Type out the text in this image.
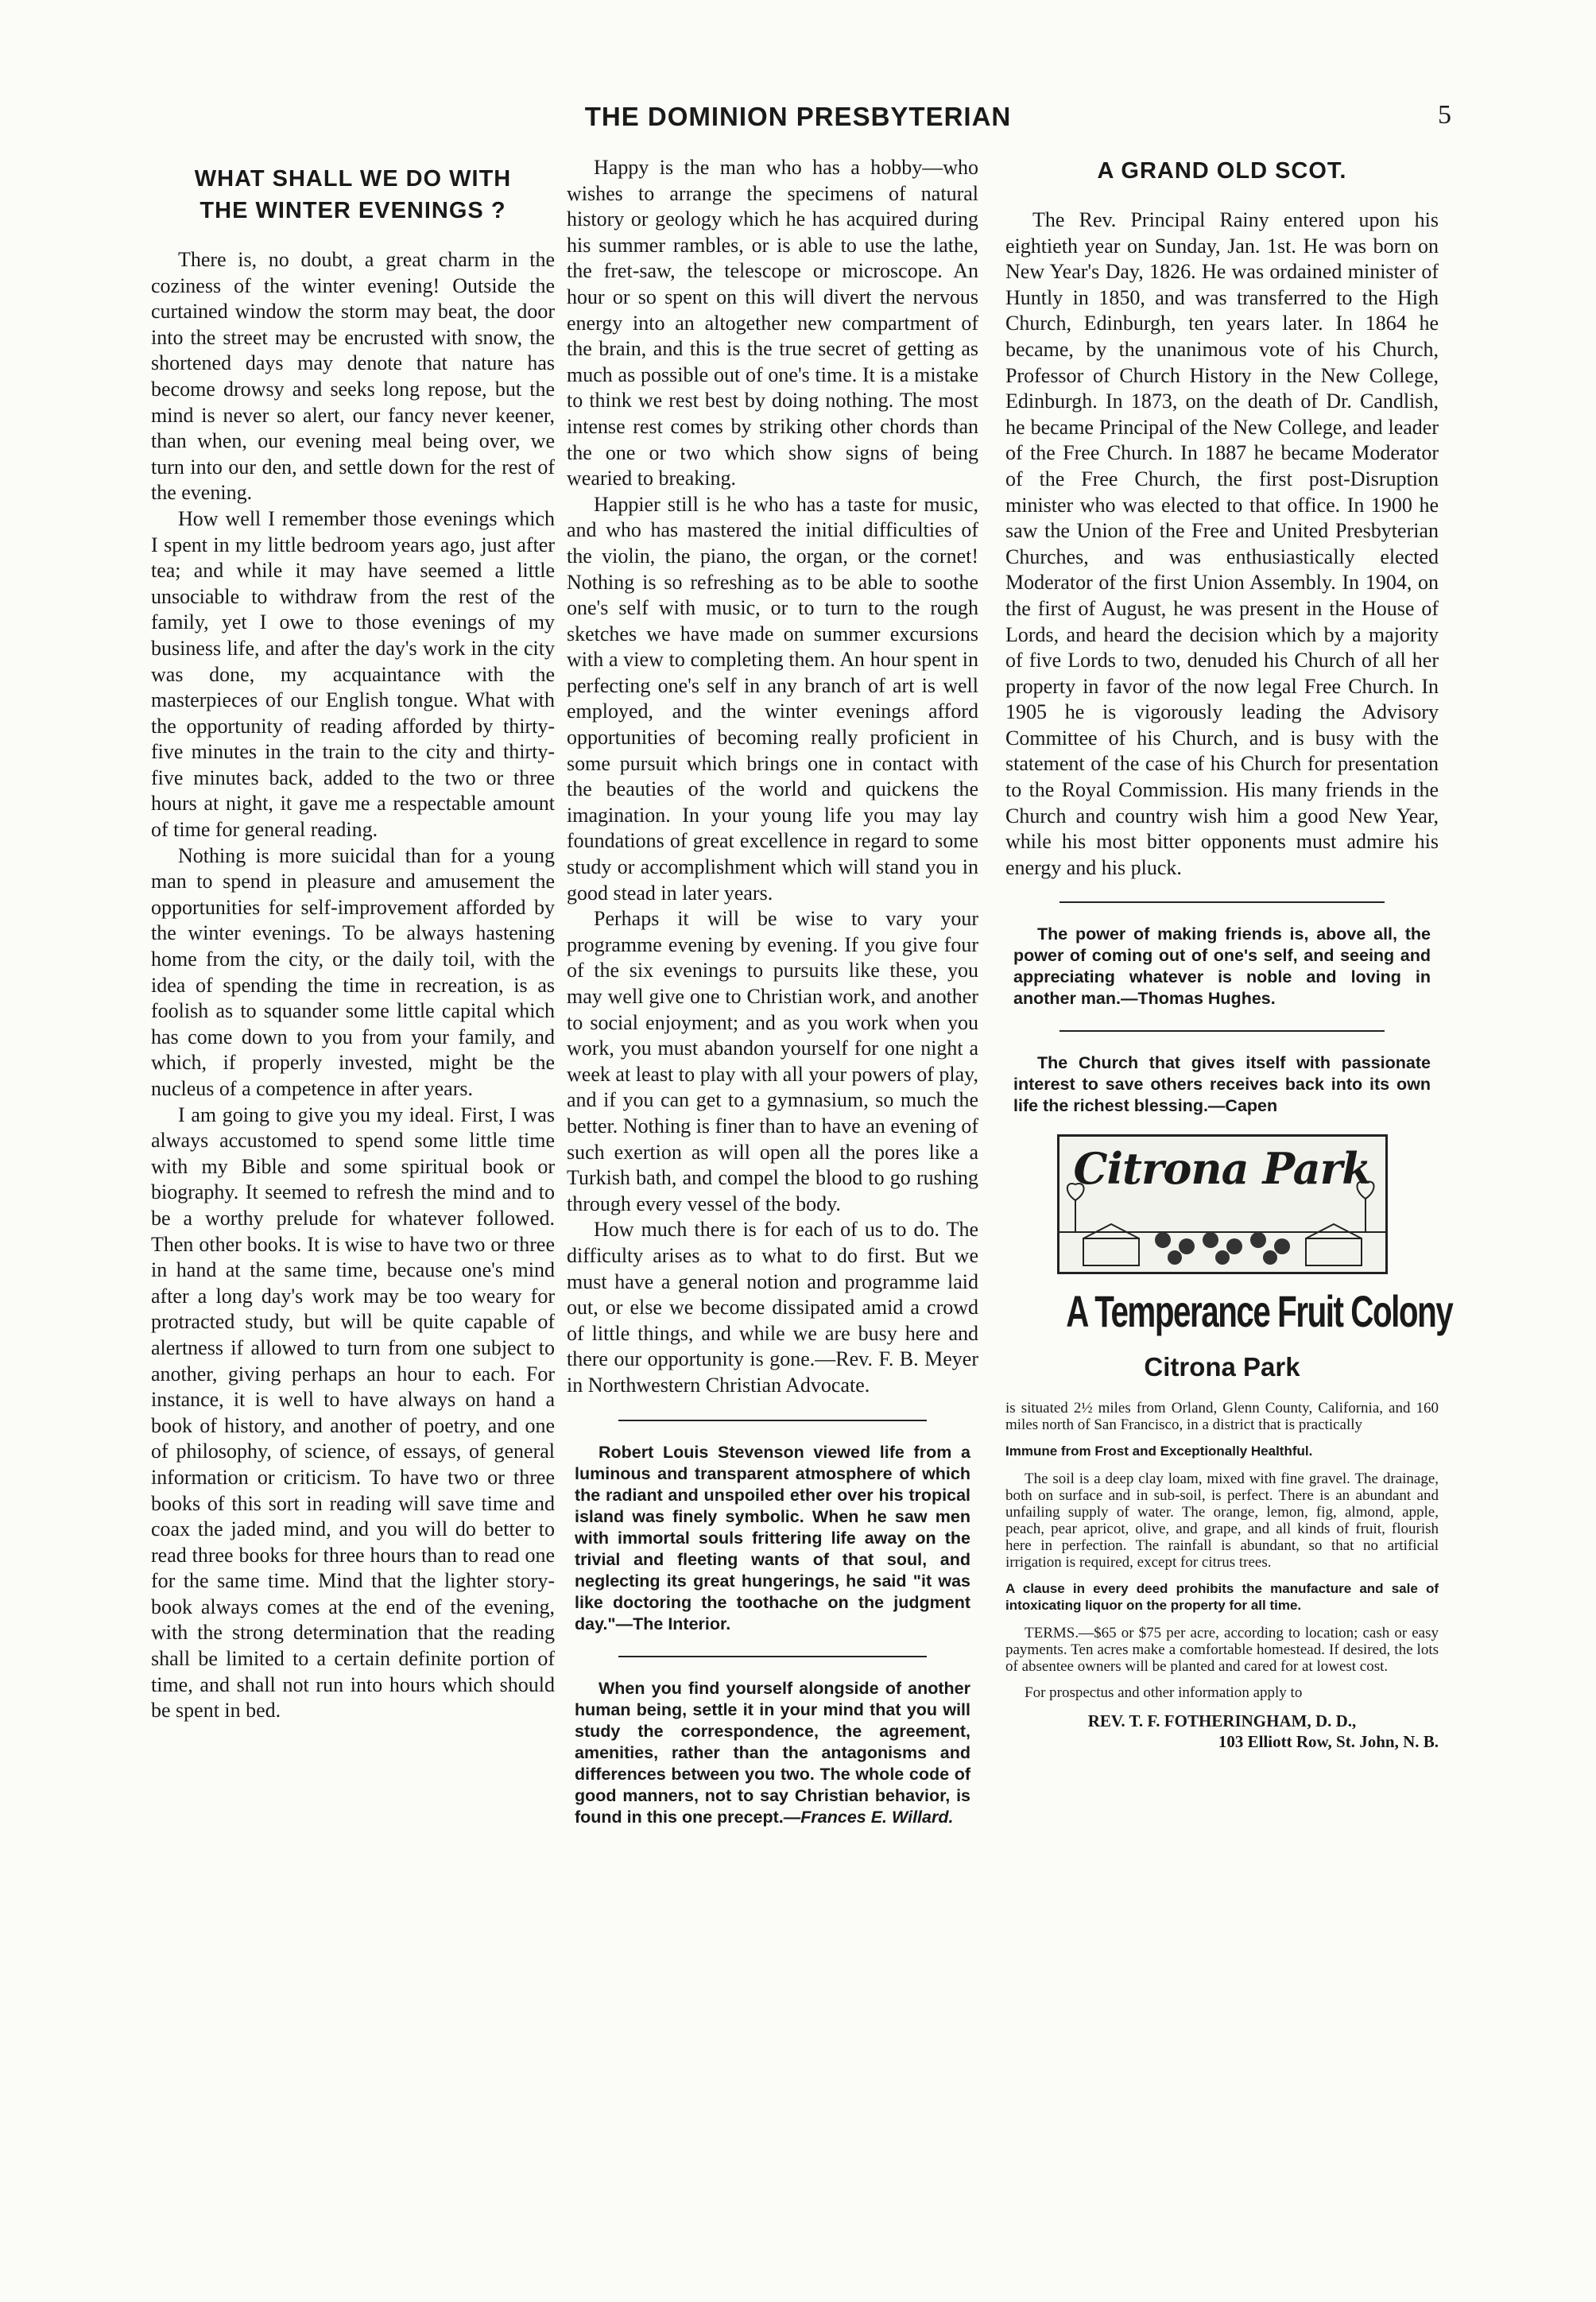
THE DOMINION PRESBYTERIAN	5
WHAT SHALL WE DO WITH
THE WINTER EVENINGS ?

There is, no doubt, a great charm in the coziness of the winter evening! Outside the curtained window the storm may beat, the door into the street may be encrusted with snow, the shortened days may denote that nature has become drowsy and seeks long repose, but the mind is never so alert, our fancy never keener, than when, our evening meal being over, we turn into our den, and settle down for the rest of the evening.

How well I remember those evenings which I spent in my little bedroom years ago, just after tea; and while it may have seemed a little unsociable to withdraw from the rest of the family, yet I owe to those evenings of my business life, and after the day's work in the city was done, my acquaintance with the masterpieces of our English tongue. What with the opportunity of reading afforded by thirty-five minutes in the train to the city and thirty-five minutes back, added to the two or three hours at night, it gave me a respectable amount of time for general reading.

Nothing is more suicidal than for a young man to spend in pleasure and amusement the opportunities for self-improvement afforded by the winter evenings. To be always hastening home from the city, or the daily toil, with the idea of spending the time in recreation, is as foolish as to squander some little capital which has come down to you from your family, and which, if properly invested, might be the nucleus of a competence in after years.

I am going to give you my ideal. First, I was always accustomed to spend some little time with my Bible and some spiritual book or biography. It seemed to refresh the mind and to be a worthy prelude for whatever followed. Then other books. It is wise to have two or three in hand at the same time, because one's mind after a long day's work may be too weary for protracted study, but will be quite capable of alertness if allowed to turn from one subject to another, giving perhaps an hour to each. For instance, it is well to have always on hand a book of history, and another of poetry, and one of philosophy, of science, of essays, of general information or criticism. To have two or three books of this sort in reading will save time and coax the jaded mind, and you will do better to read three books for three hours than to read one for the same time. Mind that the lighter story-book always comes at the end of the evening, with the strong determination that the reading shall be limited to a certain definite portion of time, and shall not run into hours which should be spent in bed.

Happy is the man who has a hobby—who wishes to arrange the specimens of natural history or geology which he has acquired during his summer rambles, or is able to use the lathe, the fret-saw, the telescope or microscope. An hour or so spent on this will divert the nervous energy into an altogether new compartment of the brain, and this is the true secret of getting as much as possible out of one's time. It is a mistake to think we rest best by doing nothing. The most intense rest comes by striking other chords than the one or two which show signs of being wearied to breaking.

Happier still is he who has a taste for music, and who has mastered the initial difficulties of the violin, the piano, the organ, or the cornet! Nothing is so refreshing as to be able to soothe one's self with music, or to turn to the rough sketches we have made on summer excursions with a view to completing them. An hour spent in perfecting one's self in any branch of art is well employed, and the winter evenings afford opportunities of becoming really proficient in some pursuit which brings one in contact with the beauties of the world and quickens the imagination. In your young life you may lay foundations of great excellence in regard to some study or accomplishment which will stand you in good stead in later years.

Perhaps it will be wise to vary your programme evening by evening. If you give four of the six evenings to pursuits like these, you may well give one to Christian work, and another to social enjoyment; and as you work when you work, you must abandon yourself for one night a week at least to play with all your powers of play, and if you can get to a gymnasium, so much the better. Nothing is finer than to have an evening of such exertion as will open all the pores like a Turkish bath, and compel the blood to go rushing through every vessel of the body.

How much there is for each of us to do. The difficulty arises as to what to do first. But we must have a general notion and programme laid out, or else we become dissipated amid a crowd of little things, and while we are busy here and there our opportunity is gone.—Rev. F. B. Meyer in Northwestern Christian Advocate.

Robert Louis Stevenson viewed life from a luminous and transparent atmosphere of which the radiant and unspoiled ether over his tropical island was finely symbolic. When he saw men with immortal souls frittering life away on the trivial and fleeting wants of that soul, and neglecting its great hungerings, he said "it was like doctoring the toothache on the judgment day."—The Interior.

When you find yourself alongside of another human being, settle it in your mind that you will study the correspondence, the agreement, amenities, rather than the antagonisms and differences between you two. The whole code of good manners, not to say Christian behavior, is found in this one precept.—Frances E. Willard.

A GRAND OLD SCOT.

The Rev. Principal Rainy entered upon his eightieth year on Sunday, Jan. 1st. He was born on New Year's Day, 1826. He was ordained minister of Huntly in 1850, and was transferred to the High Church, Edinburgh, ten years later. In 1864 he became, by the unanimous vote of his Church, Professor of Church History in the New College, Edinburgh. In 1873, on the death of Dr. Candlish, he became Principal of the New College, and leader of the Free Church. In 1887 he became Moderator of the Free Church, the first post-Disruption minister who was elected to that office. In 1900 he saw the Union of the Free and United Presbyterian Churches, and was enthusiastically elected Moderator of the first Union Assembly. In 1904, on the first of August, he was present in the House of Lords, and heard the decision which by a majority of five Lords to two, denuded his Church of all her property in favor of the now legal Free Church. In 1905 he is vigorously leading the Advisory Committee of his Church, and is busy with the statement of the case of his Church for presentation to the Royal Commission. His many friends in the Church and country wish him a good New Year, while his most bitter opponents must admire his energy and his pluck.

The power of making friends is, above all, the power of coming out of one's self, and seeing and appreciating whatever is noble and loving in another man.—Thomas Hughes.

The Church that gives itself with passionate interest to save others receives back into its own life the richest blessing.—Capen

Citrona Park
A Temperance Fruit Colony
Citrona Park

is situated 2½ miles from Orland, Glenn County, California, and 160 miles north of San Francisco, in a district that is practically

Immune from Frost and Exceptionally Healthful.

The soil is a deep clay loam, mixed with fine gravel. The drainage, both on surface and in sub-soil, is perfect. There is an abundant and unfailing supply of water. The orange, lemon, fig, almond, apple, peach, pear apricot, olive, and grape, and all kinds of fruit, flourish here in perfection. The rainfall is abundant, so that no artificial irrigation is required, except for citrus trees.

A clause in every deed prohibits the manufacture and sale of intoxicating liquor on the property for all time.

TERMS.—$65 or $75 per acre, according to location; cash or easy payments. Ten acres make a comfortable homestead. If desired, the lots of absentee owners will be planted and cared for at lowest cost.

For prospectus and other information apply to

REV. T. F. FOTHERINGHAM, D. D.,

103 Elliott Row, St. John, N. B.
